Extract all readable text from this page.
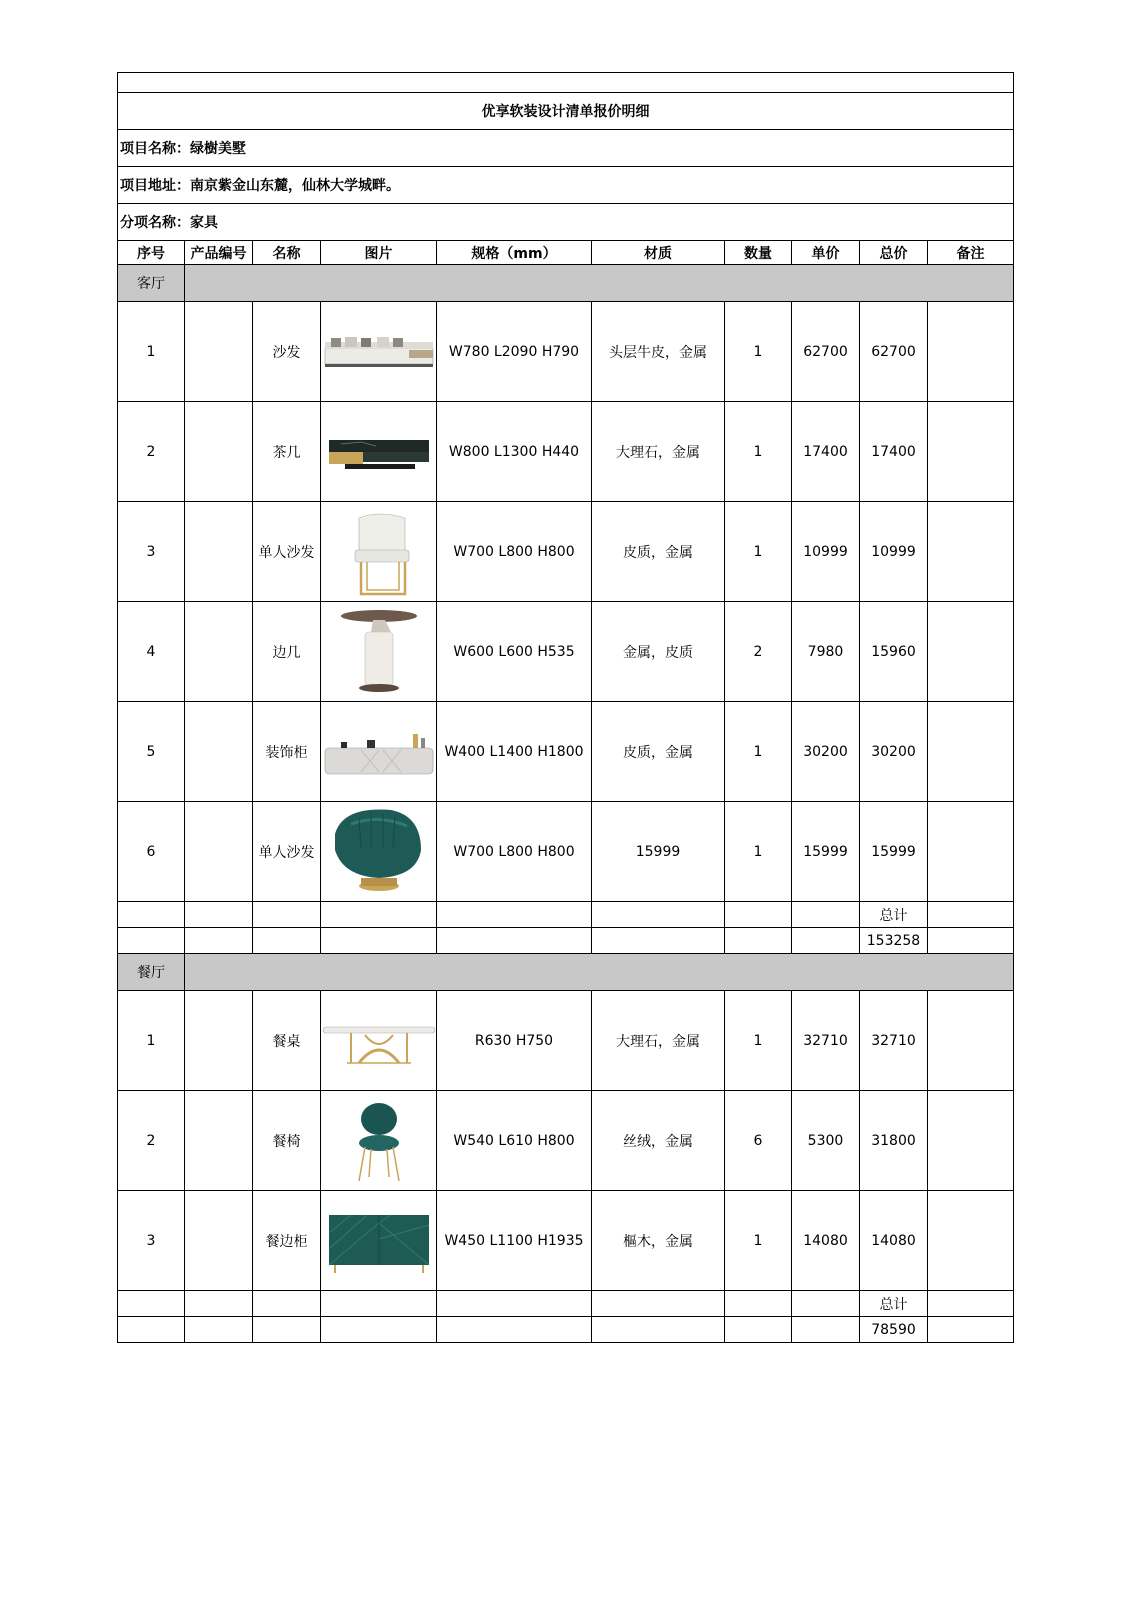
优享软装设计清单报价明细									
项目名称：绿樹美墅									
项目地址：南京紫金山东麓，仙林大学城畔。									
分项名称：家具									
序号	产品编号	名称	图片	规格（mm）	材质	数量	单价	总价	备注
客厅									
1		沙发		W780 L2090 H790	头层牛皮，金属	1	62700	62700	
2		茶几		W800 L1300 H440	大理石，金属	1	17400	17400	
3		单人沙发		W700 L800 H800	皮质，金属	1	10999	10999	
4		边几		W600 L600 H535	金属，皮质	2	7980	15960	
5		装饰柜		W400 L1400 H1800	皮质，金属	1	30200	30200	
6		单人沙发		W700 L800 H800	15999	1	15999	15999	
								总计	
								153258	
餐厅									
1		餐桌		R630 H750	大理石，金属	1	32710	32710	
2		餐椅		W540 L610 H800	丝绒，金属	6	5300	31800	
3		餐边柜		W450 L1100 H1935	樞木，金属	1	14080	14080	
								总计	
								78590	
